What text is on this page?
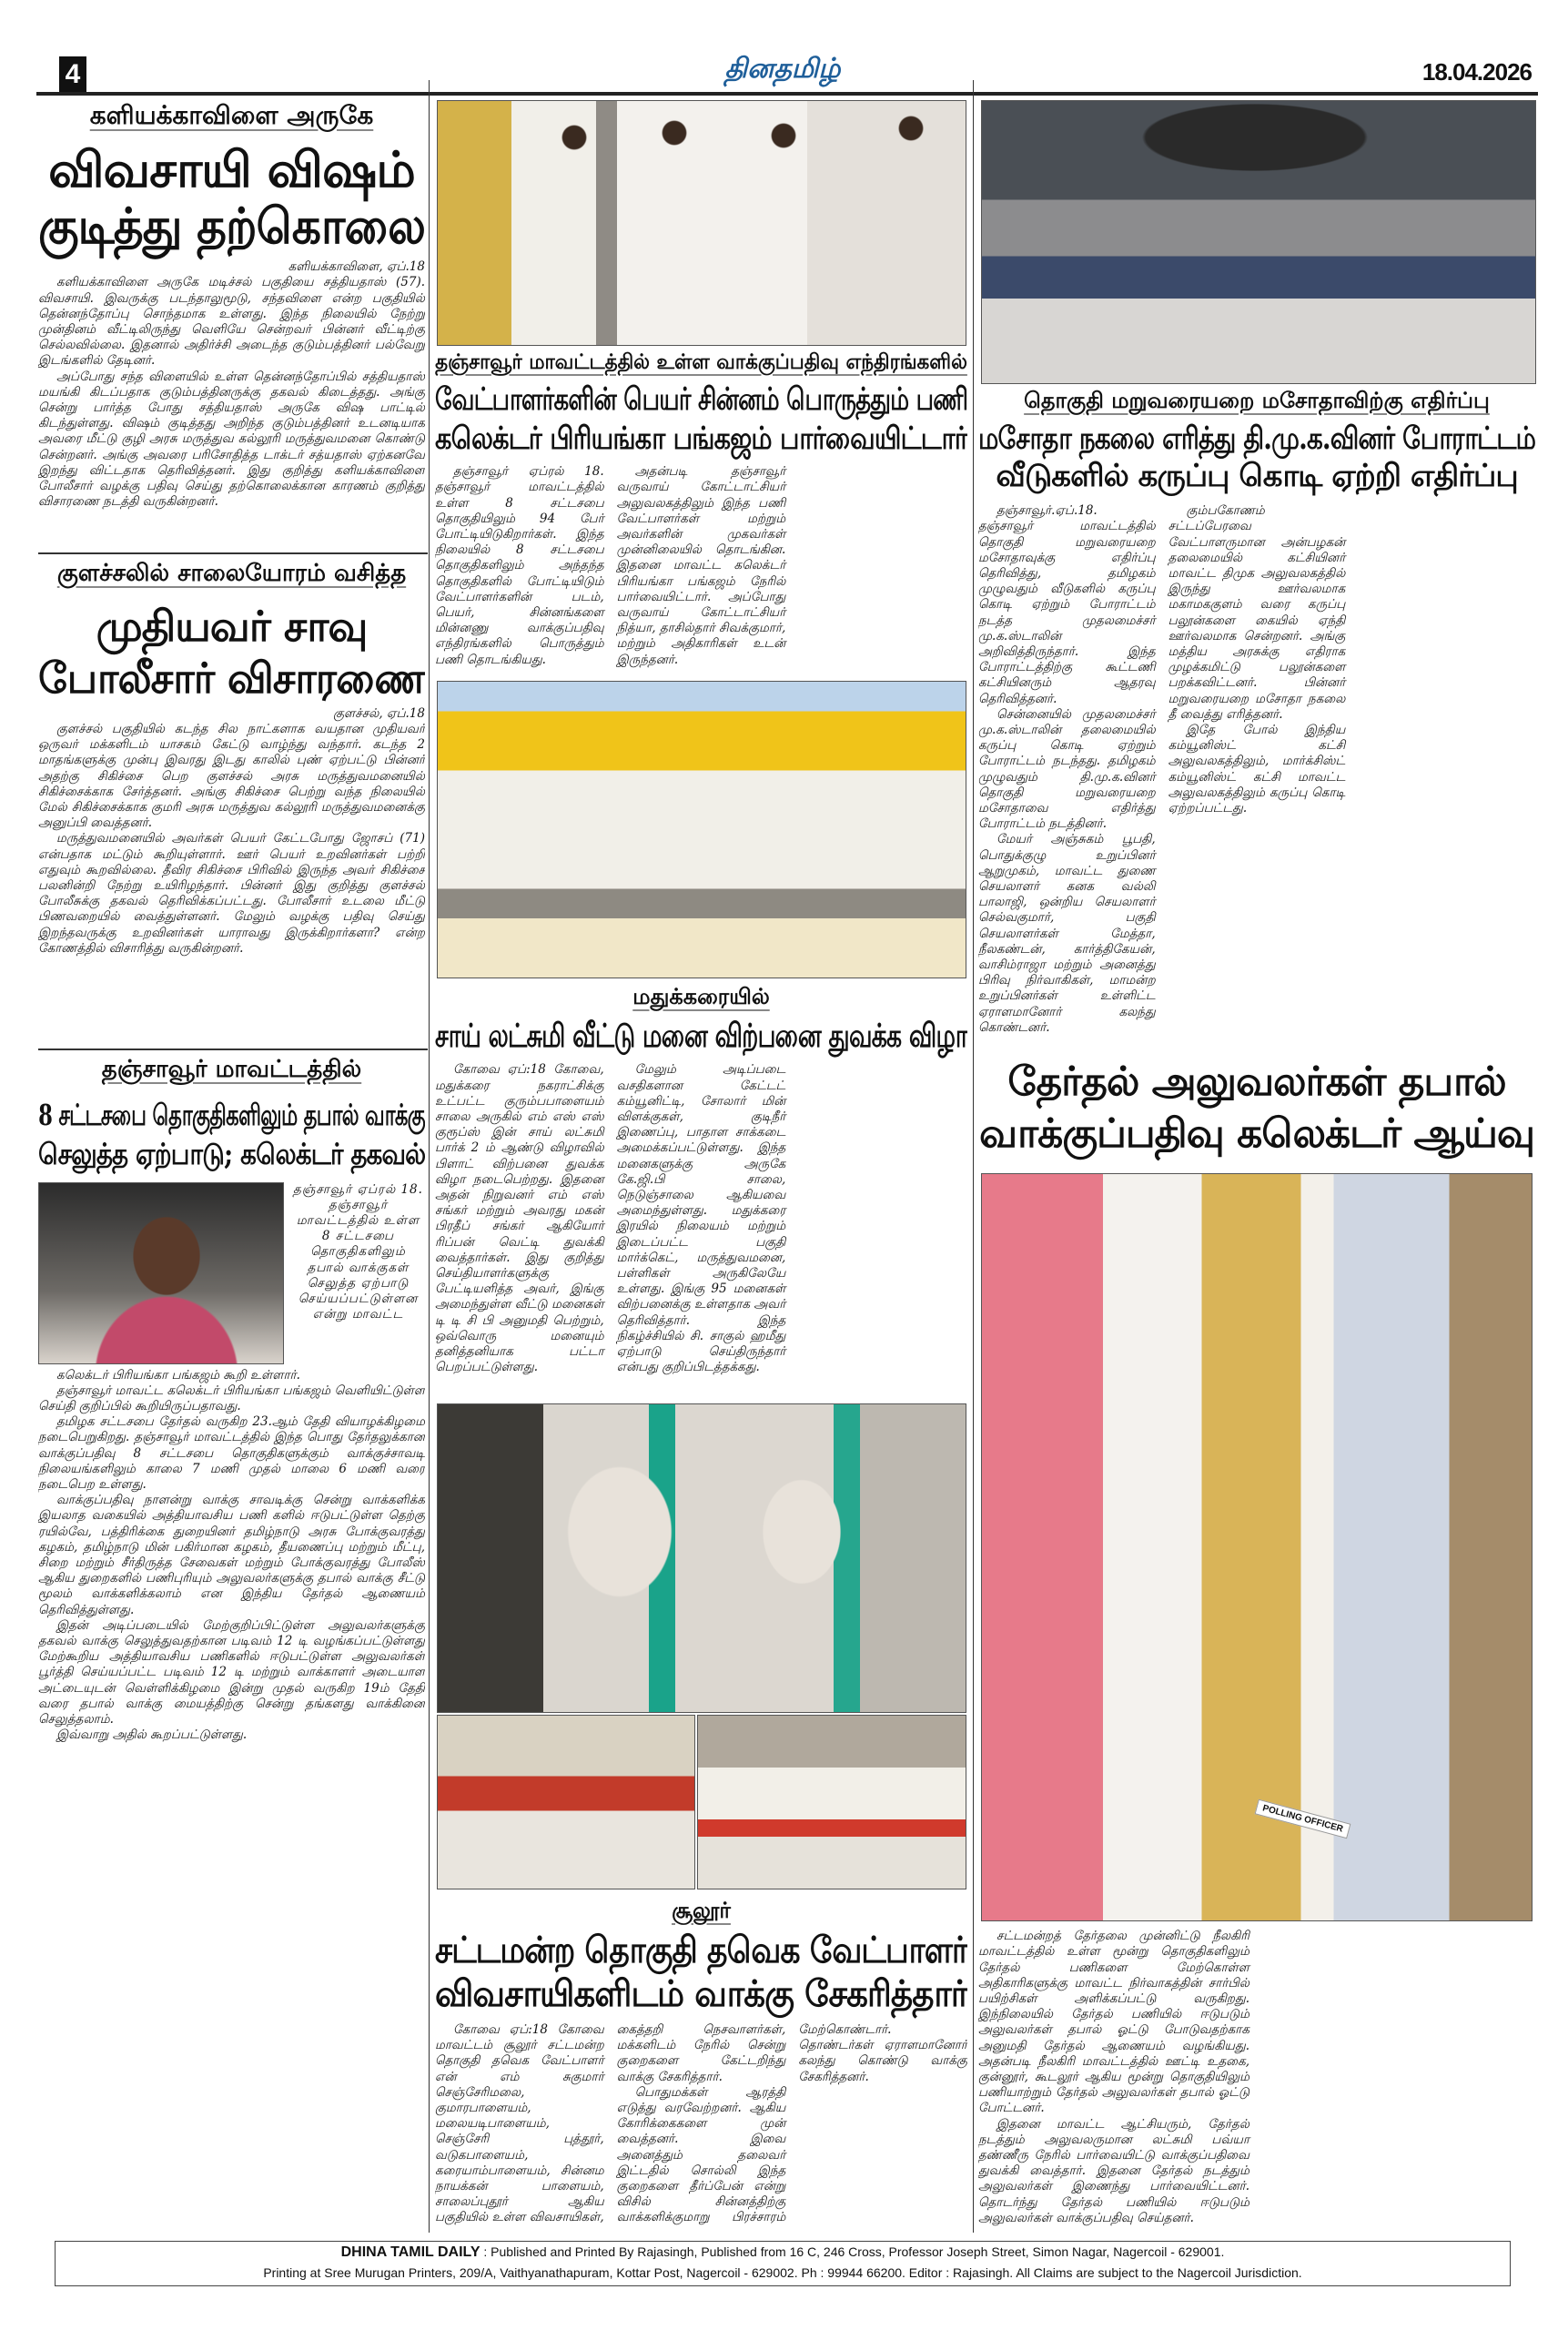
4	தினதமிழ்	18.04.2026
களியக்காவிளை அருகே
விவசாயி விஷம்
குடித்து தற்கொலை

களியக்காவிளை, ஏப்.18

களியக்காவிளை அருகே மடிச்சல் பகுதியை சத்தியதாஸ் (57). விவசாயி. இவருக்கு படந்தாலுமூடு, சந்தவிளை என்ற பகுதியில் தென்னந்தோப்பு சொந்தமாக உள்ளது. இந்த நிலையில் நேற்று முன்தினம் வீட்டிலிருந்து வெளியே சென்றவர் பின்னர் வீட்டிற்கு செல்லவில்லை. இதனால் அதிர்ச்சி அடைந்த குடும்பத்தினர் பல்வேறு இடங்களில் தேடினர்.

அப்போது சந்த விளையில் உள்ள தென்னந்தோப்பில் சத்தியதாஸ் மயங்கி கிடப்பதாக குடும்பத்தினருக்கு தகவல் கிடைத்தது. அங்கு சென்று பார்த்த போது சத்தியதாஸ் அருகே விஷ பாட்டில் கிடந்துள்ளது. விஷம் குடித்தது அறிந்த குடும்பத்தினர் உடனடியாக அவரை மீட்டு குழி அரசு மருத்துவ கல்லூரி மருத்துவமனை கொண்டு சென்றனர். அங்கு அவரை பரிசோதித்த டாக்டர் சத்யதாஸ் ஏற்கனவே இறந்து விட்டதாக தெரிவித்தனர். இது குறித்து களியக்காவிளை போலீசார் வழக்கு பதிவு செய்து தற்கொலைக்கான காரணம் குறித்து விசாரணை நடத்தி வருகின்றனர்.

குளச்சலில் சாலையோரம் வசித்த
முதியவர் சாவு
போலீசார் விசாரணை

குளச்சல், ஏப்.18

குளச்சல் பகுதியில் கடந்த சில நாட்களாக வயதான முதியவர் ஒருவர் மக்களிடம் யாசகம் கேட்டு வாழ்ந்து வந்தார். கடந்த 2 மாதங்களுக்கு முன்பு இவரது இடது காலில் புண் ஏற்பட்டு பின்னர் அதற்கு சிகிச்சை பெற குளச்சல் அரசு மருத்துவமனையில் சிகிச்சைக்காக சேர்த்தனர். அங்கு சிகிச்சை பெற்று வந்த நிலையில் மேல் சிகிச்சைக்காக குமரி அரசு மருத்துவ கல்லூரி மருத்துவமனைக்கு அனுப்பி வைத்தனர்.

மருத்துவமனையில் அவர்கள் பெயர் கேட்டபோது ஜோசப் (71) என்பதாக மட்டும் கூறியுள்ளார். ஊர் பெயர் உறவினர்கள் பற்றி எதுவும் கூறவில்லை. தீவிர சிகிச்சை பிரிவில் இருந்த அவர் சிகிச்சை பலனின்றி நேற்று உயிரிழந்தார். பின்னர் இது குறித்து குளச்சல் போலீசுக்கு தகவல் தெரிவிக்கப்பட்டது. போலீசார் உடலை மீட்டு பிணவறையில் வைத்துள்ளனர். மேலும் வழக்கு பதிவு செய்து இறந்தவருக்கு உறவினர்கள் யாராவது இருக்கிறார்களா? என்ற கோணத்தில் விசாரித்து வருகின்றனர்.

தஞ்சாவூர் மாவட்டத்தில்
8 சட்டசபை தொகுதிகளிலும் தபால் வாக்கு
செலுத்த ஏற்பாடு; கலெக்டர் தகவல்
தஞ்சாவூர் ஏப்ரல் 18. தஞ்சாவூர் மாவட்டத்தில் உள்ள 8 சட்டசபை தொகுதிகளிலும் தபால் வாக்குகள் செலுத்த ஏற்பாடு செய்யப்பட்டுள்ளன என்று மாவட்ட

கலெக்டர் பிரியங்கா பங்கஜம் கூறி உள்ளார்.

தஞ்சாவூர் மாவட்ட கலெக்டர் பிரியங்கா பங்கஜம் வெளியிட்டுள்ள செய்தி குறிப்பில் கூறியிருப்பதாவது.

தமிழக சட்டசபை தேர்தல் வருகிற 23.ஆம் தேதி வியாழக்கிழமை நடைபெறுகிறது. தஞ்சாவூர் மாவட்டத்தில் இந்த பொது தேர்தலுக்கான வாக்குப்பதிவு 8 சட்டசபை தொகுதிகளுக்கும் வாக்குச்சாவடி நிலையங்களிலும் காலை 7 மணி முதல் மாலை 6 மணி வரை நடைபெற உள்ளது.

வாக்குப்பதிவு நாளன்று வாக்கு சாவடிக்கு சென்று வாக்களிக்க இயலாத வகையில் அத்தியாவசிய பணி களில் ஈடுபட்டுள்ள தெற்கு ரயில்வே, பத்திரிக்கை துறையினர் தமிழ்நாடு அரசு போக்குவரத்து கழகம், தமிழ்நாடு மின் பகிர்மான கழகம், தீயணைப்பு மற்றும் மீட்பு, சிறை மற்றும் சீர்திருத்த சேவைகள் மற்றும் போக்குவரத்து போலீஸ் ஆகிய துறைகளில் பணிபுரியும் அலுவலர்களுக்கு தபால் வாக்கு சீட்டு மூலம் வாக்களிக்கலாம் என இந்திய தேர்தல் ஆணையம் தெரிவித்துள்ளது.

இதன் அடிப்படையில் மேற்குறிப்பிட்டுள்ள அலுவலர்களுக்கு தகவல் வாக்கு செலுத்துவதற்கான படிவம் 12 டி வழங்கப்பட்டுள்ளது மேற்கூறிய அத்தியாவசிய பணிகளில் ஈடுபட்டுள்ள அலுவலர்கள் பூர்த்தி செய்யப்பட்ட படிவம் 12 டி மற்றும் வாக்காளர் அடையாள அட்டையுடன் வெள்ளிக்கிழமை இன்று முதல் வருகிற 19ம் தேதி வரை தபால் வாக்கு மையத்திற்கு சென்று தங்களது வாக்கினை செலுத்தலாம்.

இவ்வாறு அதில் கூறப்பட்டுள்ளது.

தஞ்சாவூர் மாவட்டத்தில் உள்ள வாக்குப்பதிவு எந்திரங்களில்
வேட்பாளர்களின் பெயர் சின்னம் பொருத்தும் பணி
கலெக்டர் பிரியங்கா பங்கஜம் பார்வையிட்டார்

தஞ்சாவூர் ஏப்ரல் 18. தஞ்சாவூர் மாவட்டத்தில் உள்ள 8 சட்டசபை தொகுதியிலும் 94 பேர் போட்டியிடுகிறார்கள். இந்த நிலையில் 8 சட்டசபை தொகுதிகளிலும் அந்தந்த தொகுதிகளில் போட்டியிடும் வேட்பாளர்களின் படம், பெயர், சின்னங்களை மின்னணு வாக்குப்பதிவு எந்திரங்களில் பொருத்தும் பணி தொடங்கியது.

அதன்படி தஞ்சாவூர் வருவாய் கோட்டாட்சியர் அலுவலகத்திலும் இந்த பணி வேட்பாளர்கள் மற்றும் அவர்களின் முகவர்கள் முன்னிலையில் தொடங்கின. இதனை மாவட்ட கலெக்டர் பிரியங்கா பங்கஜம் நேரில் பார்வையிட்டார். அப்போது வருவாய் கோட்டாட்சியர் நித்யா, தாசில்தார் சிவக்குமார், மற்றும் அதிகாரிகள் உடன் இருந்தனர்.

மதுக்கரையில்
சாய் லட்சுமி வீட்டு மனை விற்பனை துவக்க விழா

கோவை ஏப்:18 கோவை, மதுக்கரை நகராட்சிக்கு உட்பட்ட குரும்பபாளையம் சாலை அருகில் எம் எஸ் எஸ் குரூப்ஸ் இன் சாய் லட்சுமி பார்க் 2 ம் ஆண்டு விழாவில் பிளாட் விற்பனை துவக்க விழா நடைபெற்றது. இதனை அதன் நிறுவனர் எம் எஸ் சங்கர் மற்றும் அவரது மகன் பிரதீப் சங்கர் ஆகியோர் ரிப்பன் வெட்டி துவக்கி வைத்தார்கள். இது குறித்து செய்தியாளர்களுக்கு பேட்டியளித்த அவர், இங்கு அமைந்துள்ள வீட்டு மனைகள் டி டி சி பி அனுமதி பெற்றும், ஒவ்வொரு மனையும் தனித்தனியாக பட்டா பெறப்பட்டுள்ளது.

மேலும் அடிப்படை வசதிகளான கேட்டட் கம்யூனிட்டி, சோலார் மின் விளக்குகள், குடிநீர் இணைப்பு, பாதாள சாக்கடை அமைக்கப்பட்டுள்ளது. இந்த மனைகளுக்கு அருகே கே.ஜி.பி சாலை, நெடுஞ்சாலை ஆகியவை அமைந்துள்ளது. மதுக்கரை இரயில் நிலையம் மற்றும் இடைப்பட்ட பகுதி மார்க்கெட், மருத்துவமனை, பள்ளிகள் அருகிலேயே உள்ளது. இங்கு 95 மனைகள் விற்பனைக்கு உள்ளதாக அவர் தெரிவித்தார். இந்த நிகழ்ச்சியில் சி. சாகுல் ஹமீது ஏற்பாடு செய்திருந்தார் என்பது குறிப்பிடத்தக்கது.

சூலூர்
சட்டமன்ற தொகுதி தவெக வேட்பாளர்
விவசாயிகளிடம் வாக்கு சேகரித்தார்

கோவை ஏப்:18 கோவை மாவட்டம் சூலூர் சட்டமன்ற தொகுதி தவெக வேட்பாளர் என் எம் சுகுமார் செஞ்சேரிமலை, குமாரபாளையம், மலையடிபாளையம், செஞ்சேரி புத்தூர், வடுகபாளையம், கரையாம்பாளையம், சின்னம நாயக்கன் பாளையம், சாலைப்புதூர் ஆகிய பகுதியில் உள்ள விவசாயிகள், கைத்தறி நெசவாளர்கள், மக்களிடம் நேரில் சென்று குறைகளை கேட்டறிந்து வாக்கு சேகரித்தார்.

பொதுமக்கள் ஆரத்தி எடுத்து வரவேற்றனர். ஆகிய கோரிக்கைகளை முன் வைத்தனர். இவை அனைத்தும் தலைவர் இட்டதில் சொல்லி இந்த குறைகளை தீர்ப்பேன் என்று விசில் சின்னத்திற்கு வாக்களிக்குமாறு பிரச்சாரம் மேற்கொண்டார். தொண்டர்கள் ஏராளமானோர் கலந்து கொண்டு வாக்கு சேகரித்தனர்.

தொகுதி மறுவரையறை மசோதாவிற்கு எதிர்ப்பு
மசோதா நகலை எரித்து தி.மு.க.வினர் போராட்டம்
வீடுகளில் கருப்பு கொடி ஏற்றி எதிர்ப்பு

தஞ்சாவூர்.ஏப்.18. தஞ்சாவூர் மாவட்டத்தில் தொகுதி மறுவரையறை மசோதாவுக்கு எதிர்ப்பு தெரிவித்து, தமிழகம் முழுவதும் வீடுகளில் கருப்பு கொடி ஏற்றும் போராட்டம் நடத்த முதலமைச்சர் மு.க.ஸ்டாலின் அறிவித்திருந்தார். இந்த போராட்டத்திற்கு கூட்டணி கட்சியினரும் ஆதரவு தெரிவித்தனர்.

சென்னையில் முதலமைச்சர் மு.க.ஸ்டாலின் தலைமையில் கருப்பு கொடி ஏற்றும் போராட்டம் நடந்தது. தமிழகம் முழுவதும் தி.மு.க.வினர் தொகுதி மறுவரையறை மசோதாவை எதிர்த்து போராட்டம் நடத்தினர்.

மேயர் அஞ்சுகம் பூபதி, பொதுக்குழு உறுப்பினர் ஆறுமுகம், மாவட்ட துணை செயலாளர் கனக வல்லி பாலாஜி, ஒன்றிய செயலாளர் செல்வகுமார், பகுதி செயலாளர்கள் மேத்தா, நீலகண்டன், கார்த்திகேயன், வாசிம்ராஜா மற்றும் அனைத்து பிரிவு நிர்வாகிகள், மாமன்ற உறுப்பினர்கள் உள்ளிட்ட ஏராளமானோர் கலந்து கொண்டனர்.

கும்பகோணம் சட்டப்பேரவை வேட்பாளருமான அன்பழகன் தலைமையில் கட்சியினர் மாவட்ட திமுக அலுவலகத்தில் இருந்து ஊர்வலமாக மகாமககுளம் வரை கருப்பு பலூன்களை கையில் ஏந்தி ஊர்வலமாக சென்றனர். அங்கு மத்திய அரசுக்கு எதிராக முழக்கமிட்டு பலூன்களை பறக்கவிட்டனர். பின்னர் மறுவரையறை மசோதா நகலை தீ வைத்து எரித்தனர்.

இதே போல் இந்திய கம்யூனிஸ்ட் கட்சி அலுவலகத்திலும், மார்க்சிஸ்ட் கம்யூனிஸ்ட் கட்சி மாவட்ட அலுவலகத்திலும் கருப்பு கொடி ஏற்றப்பட்டது.

தேர்தல் அலுவலர்கள் தபால்
வாக்குப்பதிவு கலெக்டர் ஆய்வு
POLLING OFFICER

சட்டமன்றத் தேர்தலை முன்னிட்டு நீலகிரி மாவட்டத்தில் உள்ள மூன்று தொகுதிகளிலும் தேர்தல் பணிகளை மேற்கொள்ள அதிகாரிகளுக்கு மாவட்ட நிர்வாகத்தின் சார்பில் பயிற்சிகள் அளிக்கப்பட்டு வருகிறது. இந்நிலையில் தேர்தல் பணியில் ஈடுபடும் அலுவலர்கள் தபால் ஓட்டு போடுவதற்காக அனுமதி தேர்தல் ஆணையம் வழங்கியது. அதன்படி நீலகிரி மாவட்டத்தில் ஊட்டி உதகை, குன்னூர், கூடலூர் ஆகிய மூன்று தொகுதியிலும் பணியாற்றும் தேர்தல் அலுவலர்கள் தபால் ஓட்டு போட்டனர்.

இதனை மாவட்ட ஆட்சியரும், தேர்தல் நடத்தும் அலுவலருமான லட்சுமி பவ்யா தண்ணீரு நேரில் பார்வையிட்டு வாக்குப்பதிவை துவக்கி வைத்தார். இதனை தேர்தல் நடத்தும் அலுவலர்கள் இணைந்து பார்வையிட்டனர். தொடர்ந்து தேர்தல் பணியில் ஈடுபடும் அலுவலர்கள் வாக்குப்பதிவு செய்தனர்.

DHINA TAMIL DAILY : Published and Printed By Rajasingh, Published from 16 C, 246 Cross, Professor Joseph Street, Simon Nagar, Nagercoil - 629001.
Printing at Sree Murugan Printers, 209/A, Vaithyanathapuram, Kottar Post, Nagercoil - 629002. Ph : 99944 66200. Editor : Rajasingh. All Claims are subject to the Nagercoil Jurisdiction.
